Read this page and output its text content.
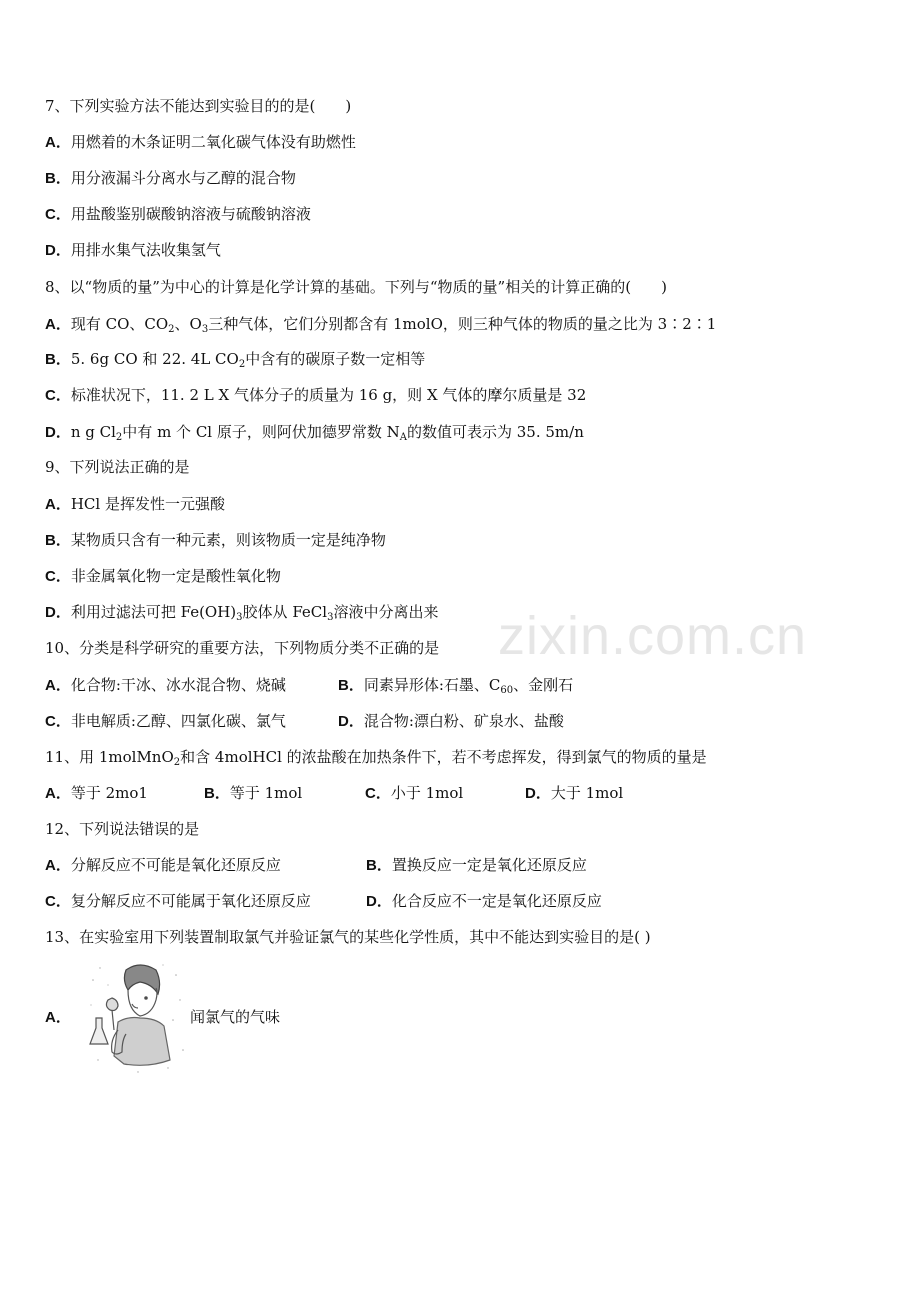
zixin.com.cn
7、下列实验方法不能达到实验目的的是(　　)
A．用燃着的木条证明二氧化碳气体没有助燃性
B．用分液漏斗分离水与乙醇的混合物
C．用盐酸鉴别碳酸钠溶液与硫酸钠溶液
D．用排水集气法收集氢气
8、以“物质的量”为中心的计算是化学计算的基础。下列与“物质的量”相关的计算正确的(　　)
A．现有 CO、$CO_2$、$O_3$三种气体，它们分别都含有 1molO，则三种气体的物质的量之比为 3∶2∶1
B．5. 6g CO 和 22. 4L $CO_2$中含有的碳原子数一定相等
C．标准状况下，11. 2 L X 气体分子的质量为 16 g，则 X 气体的摩尔质量是 32
D．n g $Cl_2$中有 m 个 Cl 原子，则阿伏加德罗常数 $N_A$的数值可表示为 35. 5m/n
9、下列说法正确的是
A．HCl 是挥发性一元强酸
B．某物质只含有一种元素，则该物质一定是纯净物
C．非金属氧化物一定是酸性氧化物
D．利用过滤法可把 $Fe(OH)_3$胶体从 FeCl$_3$溶液中分离出来
10、分类是科学研究的重要方法，下列物质分类不正确的是
A．化合物:干冰、冰水混合物、烧碱	B．同素异形体:石墨、$C_{60}$、金刚石
C．非电解质:乙醇、四氯化碳、氯气	D．混合物:漂白粉、矿泉水、盐酸
11、用 1molMnO$_2$和含 4molHCl 的浓盐酸在加热条件下，若不考虑挥发，得到氯气的物质的量是
A．等于 2mo1	B．等于 1mol	C．小于 1mol	D．大于 1mol
12、下列说法错误的是
A．分解反应不可能是氧化还原反应	B．置换反应一定是氧化还原反应
C．复分解反应不可能属于氧化还原反应	D．化合反应不一定是氧化还原反应
13、在实验室用下列装置制取氯气并验证氯气的某些化学性质，其中不能达到实验目的是( )
A．	闻氯气的气味
